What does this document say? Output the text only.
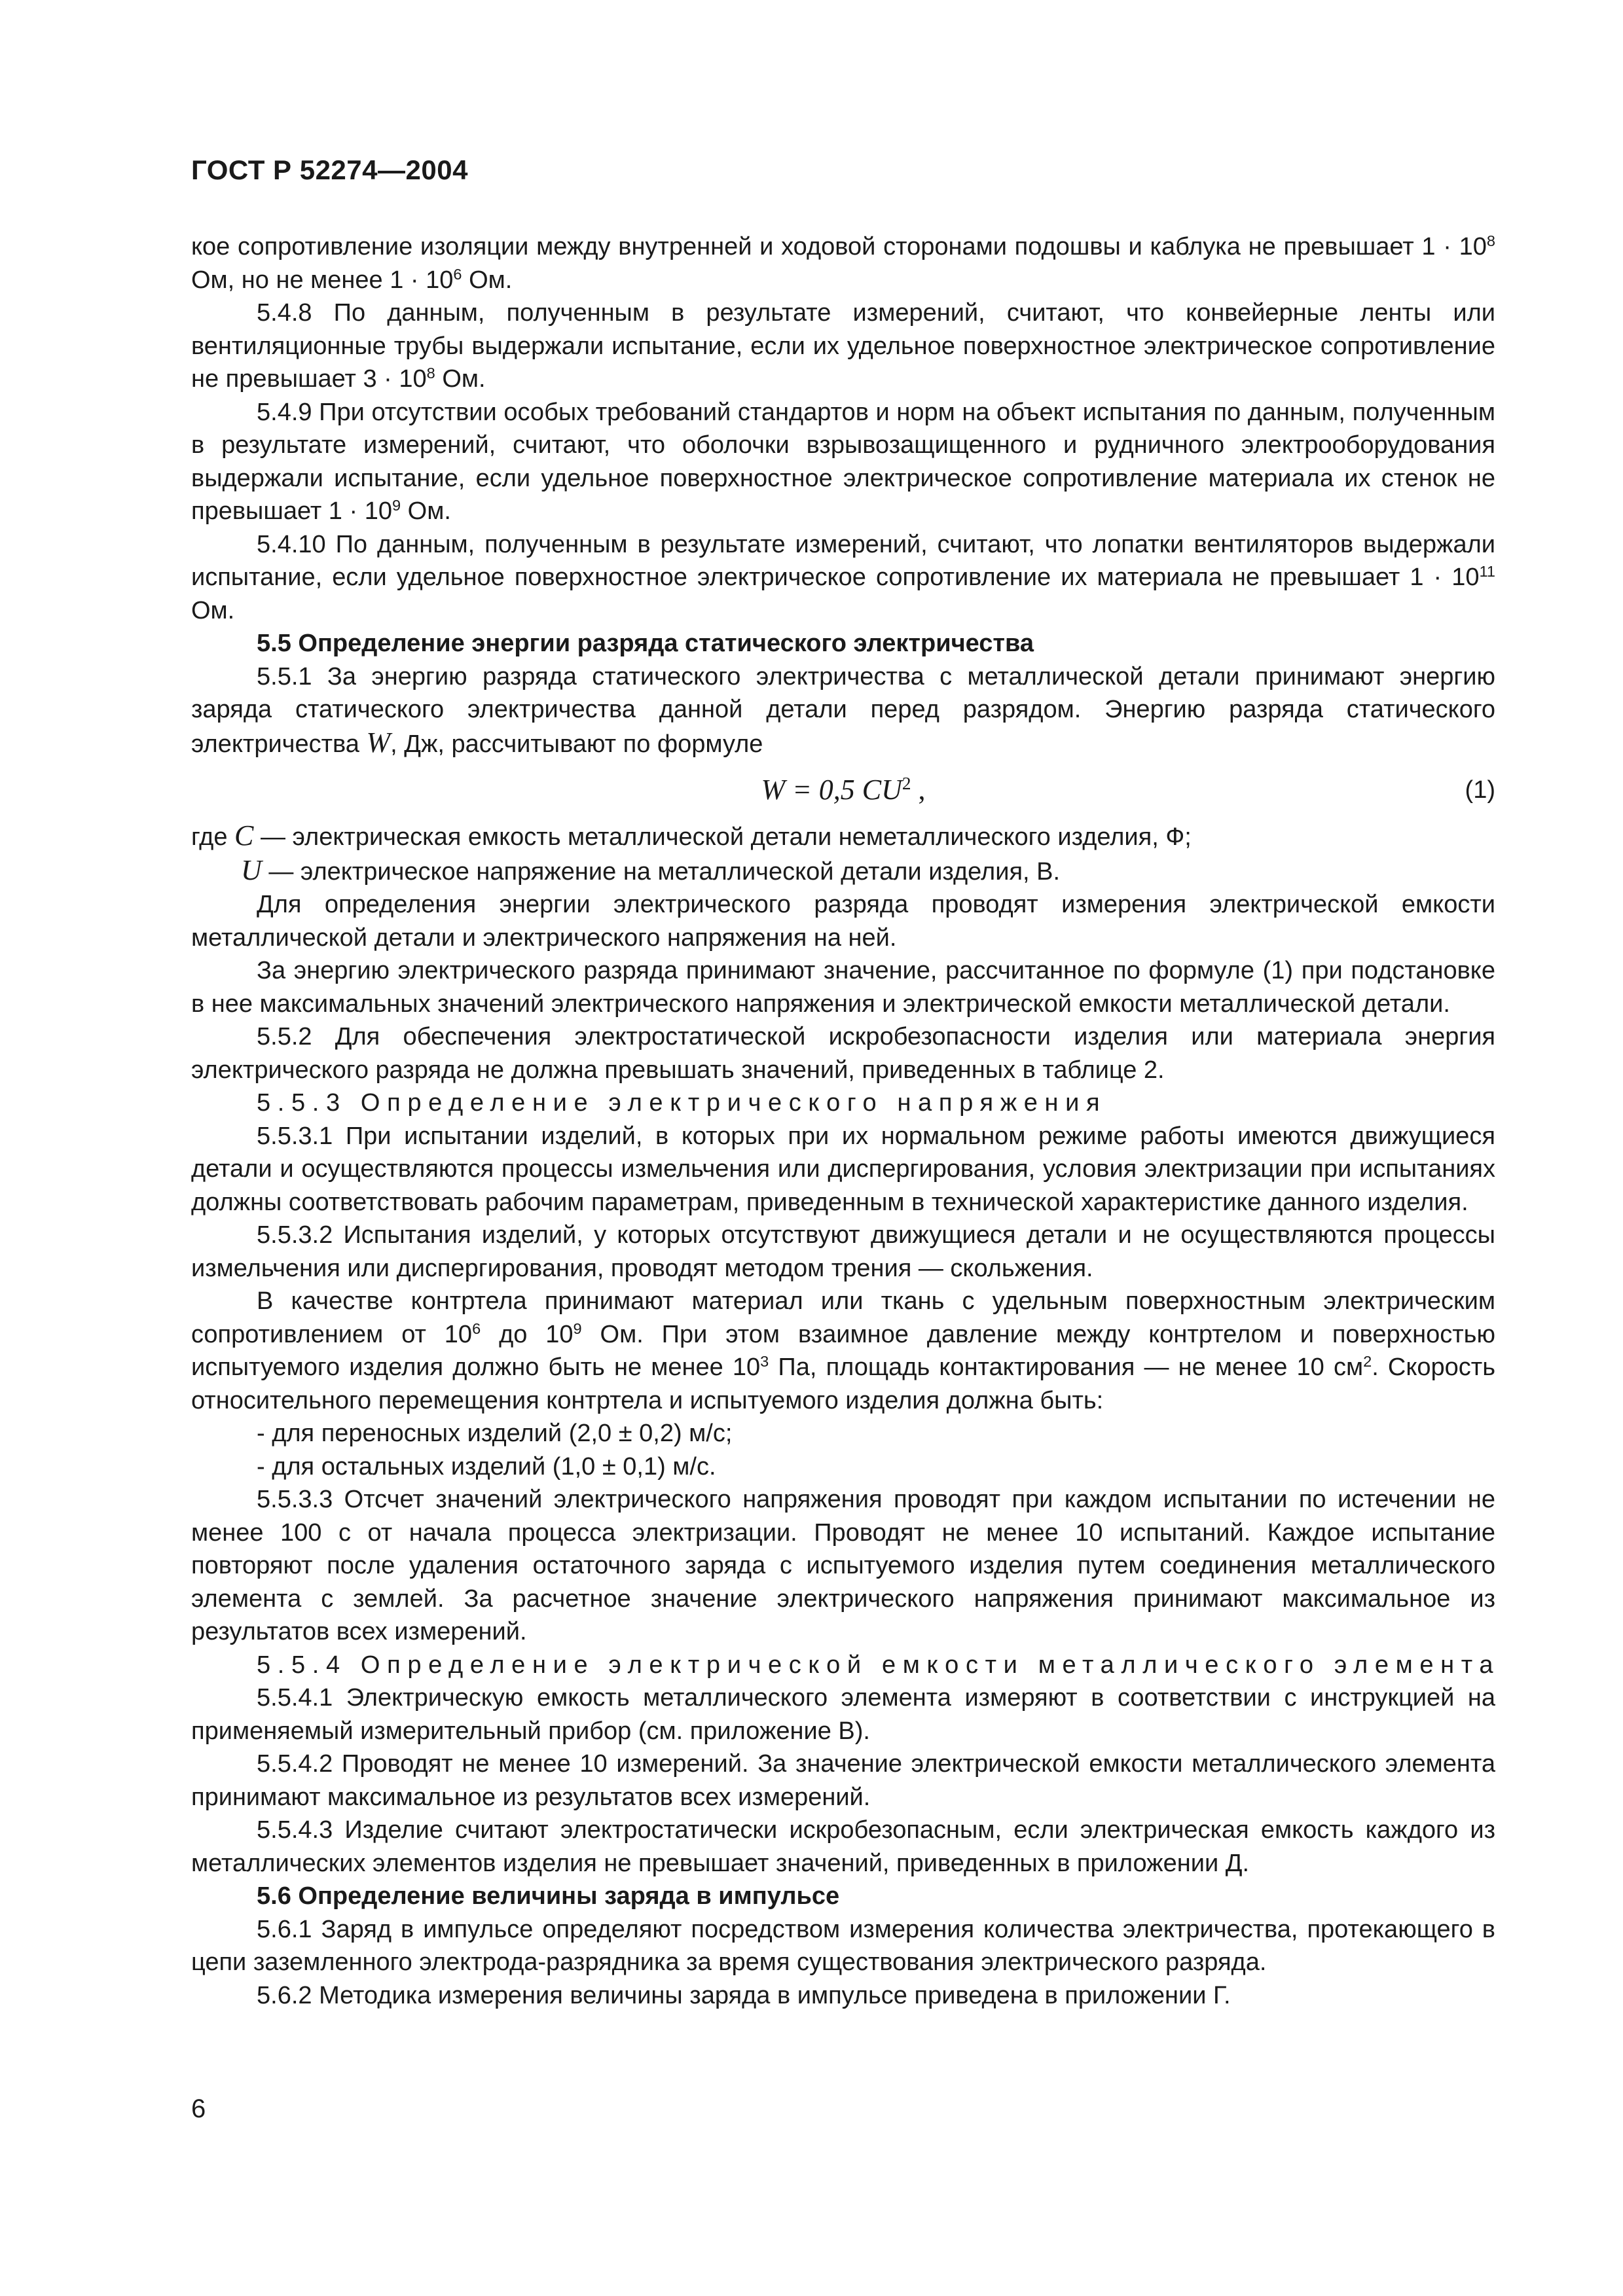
ГОСТ Р 52274—2004

кое сопротивление изоляции между внутренней и ходовой сторонами подошвы и каблука не превышает $1 \cdot 10^8$ Ом, но не менее $1 \cdot 10^6$ Ом.

5.4.8 По данным, полученным в результате измерений, считают, что конвейерные ленты или вентиляционные трубы выдержали испытание, если их удельное поверхностное электрическое сопротивление не превышает $3 \cdot 10^8$ Ом.

5.4.9 При отсутствии особых требований стандартов и норм на объект испытания по данным, полученным в результате измерений, считают, что оболочки взрывозащищенного и рудничного электрооборудования выдержали испытание, если удельное поверхностное электрическое сопротивление материала их стенок не превышает $1 \cdot 10^9$ Ом.

5.4.10 По данным, полученным в результате измерений, считают, что лопатки вентиляторов выдержали испытание, если удельное поверхностное электрическое сопротивление их материала не превышает $1 \cdot 10^{11}$ Ом.

5.5 Определение энергии разряда статического электричества

5.5.1 За энергию разряда статического электричества с металлической детали принимают энергию заряда статического электричества данной детали перед разрядом. Энергию разряда статического электричества W, Дж, рассчитывают по формуле

W = 0,5 $CU^2$ ,	(1)

где C — электрическая емкость металлической детали неметаллического изделия, Ф;

U — электрическое напряжение на металлической детали изделия, В.

Для определения энергии электрического разряда проводят измерения электрической емкости металлической детали и электрического напряжения на ней.

За энергию электрического разряда принимают значение, рассчитанное по формуле (1) при подстановке в нее максимальных значений электрического напряжения и электрической емкости металлической детали.

5.5.2 Для обеспечения электростатической искробезопасности изделия или материала энергия электрического разряда не должна превышать значений, приведенных в таблице 2.

5.5.3 Определение электрического напряжения

5.5.3.1 При испытании изделий, в которых при их нормальном режиме работы имеются движущиеся детали и осуществляются процессы измельчения или диспергирования, условия электризации при испытаниях должны соответствовать рабочим параметрам, приведенным в технической характеристике данного изделия.

5.5.3.2 Испытания изделий, у которых отсутствуют движущиеся детали и не осуществляются процессы измельчения или диспергирования, проводят методом трения — скольжения.

В качестве контртела принимают материал или ткань с удельным поверхностным электрическим сопротивлением от $10^6$ до $10^9$ Ом. При этом взаимное давление между контртелом и поверхностью испытуемого изделия должно быть не менее $10^3$ Па, площадь контактирования — не менее 10 $см^2$. Скорость относительного перемещения контртела и испытуемого изделия должна быть:

- для переносных изделий (2,0 ± 0,2) м/с;

- для остальных изделий (1,0 ± 0,1) м/с.

5.5.3.3 Отсчет значений электрического напряжения проводят при каждом испытании по истечении не менее 100 с от начала процесса электризации. Проводят не менее 10 испытаний. Каждое испытание повторяют после удаления остаточного заряда с испытуемого изделия путем соединения металлического элемента с землей. За расчетное значение электрического напряжения принимают максимальное из результатов всех измерений.

5.5.4 Определение электрической емкости металлического элемента

5.5.4.1 Электрическую емкость металлического элемента измеряют в соответствии с инструкцией на применяемый измерительный прибор (см. приложение В).

5.5.4.2 Проводят не менее 10 измерений. За значение электрической емкости металлического элемента принимают максимальное из результатов всех измерений.

5.5.4.3 Изделие считают электростатически искробезопасным, если электрическая емкость каждого из металлических элементов изделия не превышает значений, приведенных в приложении Д.

5.6 Определение величины заряда в импульсе

5.6.1 Заряд в импульсе определяют посредством измерения количества электричества, протекающего в цепи заземленного электрода-разрядника за время существования электрического разряда.

5.6.2 Методика измерения величины заряда в импульсе приведена в приложении Г.

6
